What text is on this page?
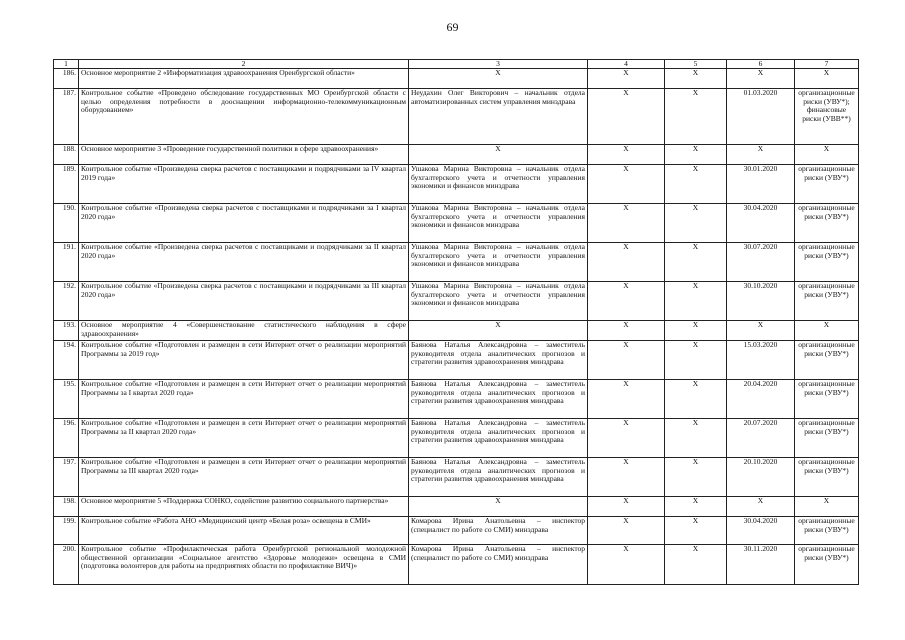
69
1	2	3	4	5	6	7
186.	Основное мероприятие 2 «Информатизация здравоохранения Оренбургской области»	Х	Х	Х	Х	Х
187.	Контрольное событие «Проведено обследование государственных МО Оренбургской области с целью определения потребности в дооснащении информационно-телекоммуникационным оборудованием»	Неудахин Олег Викторович – начальник отдела автоматизированных систем управления минздрава	Х	Х	01.03.2020	организационные риски (УВУ*); финансовые риски (УВВ**)
188.	Основное мероприятие 3 «Проведение государственной политики в сфере здравоохранения»	Х	Х	Х	Х	Х
189.	Контрольное событие «Произведена сверка расчетов с поставщиками и подрядчиками за IV квартал 2019 года»	Ушакова Марина Викторовна – начальник отдела бухгалтерского учета и отчетности управления экономики и финансов минздрава	Х	Х	30.01.2020	организационные риски (УВУ*)
190.	Контрольное событие «Произведена сверка расчетов с поставщиками и подрядчиками за I квартал 2020 года»	Ушакова Марина Викторовна – начальник отдела бухгалтерского учета и отчетности управления экономики и финансов минздрава	Х	Х	30.04.2020	организационные риски (УВУ*)
191.	Контрольное событие «Произведена сверка расчетов с поставщиками и подрядчиками за II квартал 2020 года»	Ушакова Марина Викторовна – начальник отдела бухгалтерского учета и отчетности управления экономики и финансов минздрава	Х	Х	30.07.2020	организационные риски (УВУ*)
192.	Контрольное событие «Произведена сверка расчетов с поставщиками и подрядчиками за III квартал 2020 года»	Ушакова Марина Викторовна – начальник отдела бухгалтерского учета и отчетности управления экономики и финансов минздрава	Х	Х	30.10.2020	организационные риски (УВУ*)
193.	Основное мероприятие 4 «Совершенствование статистического наблюдения в сфере здравоохранения»	Х	Х	Х	Х	Х
194.	Контрольное событие «Подготовлен и размещен в сети Интернет отчет о реализации мероприятий Программы за 2019 год»	Баянова Наталья Александровна – заместитель руководителя отдела аналитических прогнозов и стратегии развития здравоохранения минздрава	Х	Х	15.03.2020	организационные риски (УВУ*)
195.	Контрольное событие «Подготовлен и размещен в сети Интернет отчет о реализации мероприятий Программы за I квартал 2020 года»	Баянова Наталья Александровна – заместитель руководителя отдела аналитических прогнозов и стратегии развития здравоохранения минздрава	Х	Х	20.04.2020	организационные риски (УВУ*)
196.	Контрольное событие «Подготовлен и размещен в сети Интернет отчет о реализации мероприятий Программы за II квартал 2020 года»	Баянова Наталья Александровна – заместитель руководителя отдела аналитических прогнозов и стратегии развития здравоохранения минздрава	Х	Х	20.07.2020	организационные риски (УВУ*)
197.	Контрольное событие «Подготовлен и размещен в сети Интернет отчет о реализации мероприятий Программы за III квартал 2020 года»	Баянова Наталья Александровна – заместитель руководителя отдела аналитических прогнозов и стратегии развития здравоохранения минздрава	Х	Х	20.10.2020	организационные риски (УВУ*)
198.	Основное мероприятие 5 «Поддержка СОНКО, содействие развитию социального партнерства»	Х	Х	Х	Х	Х
199.	Контрольное событие «Работа АНО «Медицинский центр «Белая роза» освещена в СМИ»	Комарова Ирина Анатольевна – инспектор (специалист по работе со СМИ) минздрава	Х	Х	30.04.2020	организационные риски (УВУ*)
200.	Контрольное событие «Профилактическая работа Оренбургской региональной молодежной общественной организации «Социальное агентство «Здоровье молодежи» освещена в СМИ (подготовка волонтеров для работы на предприятиях области по профилактике ВИЧ)»	Комарова Ирина Анатольевна – инспектор (специалист по работе со СМИ) минздрава	Х	Х	30.11.2020	организационные риски (УВУ*)
